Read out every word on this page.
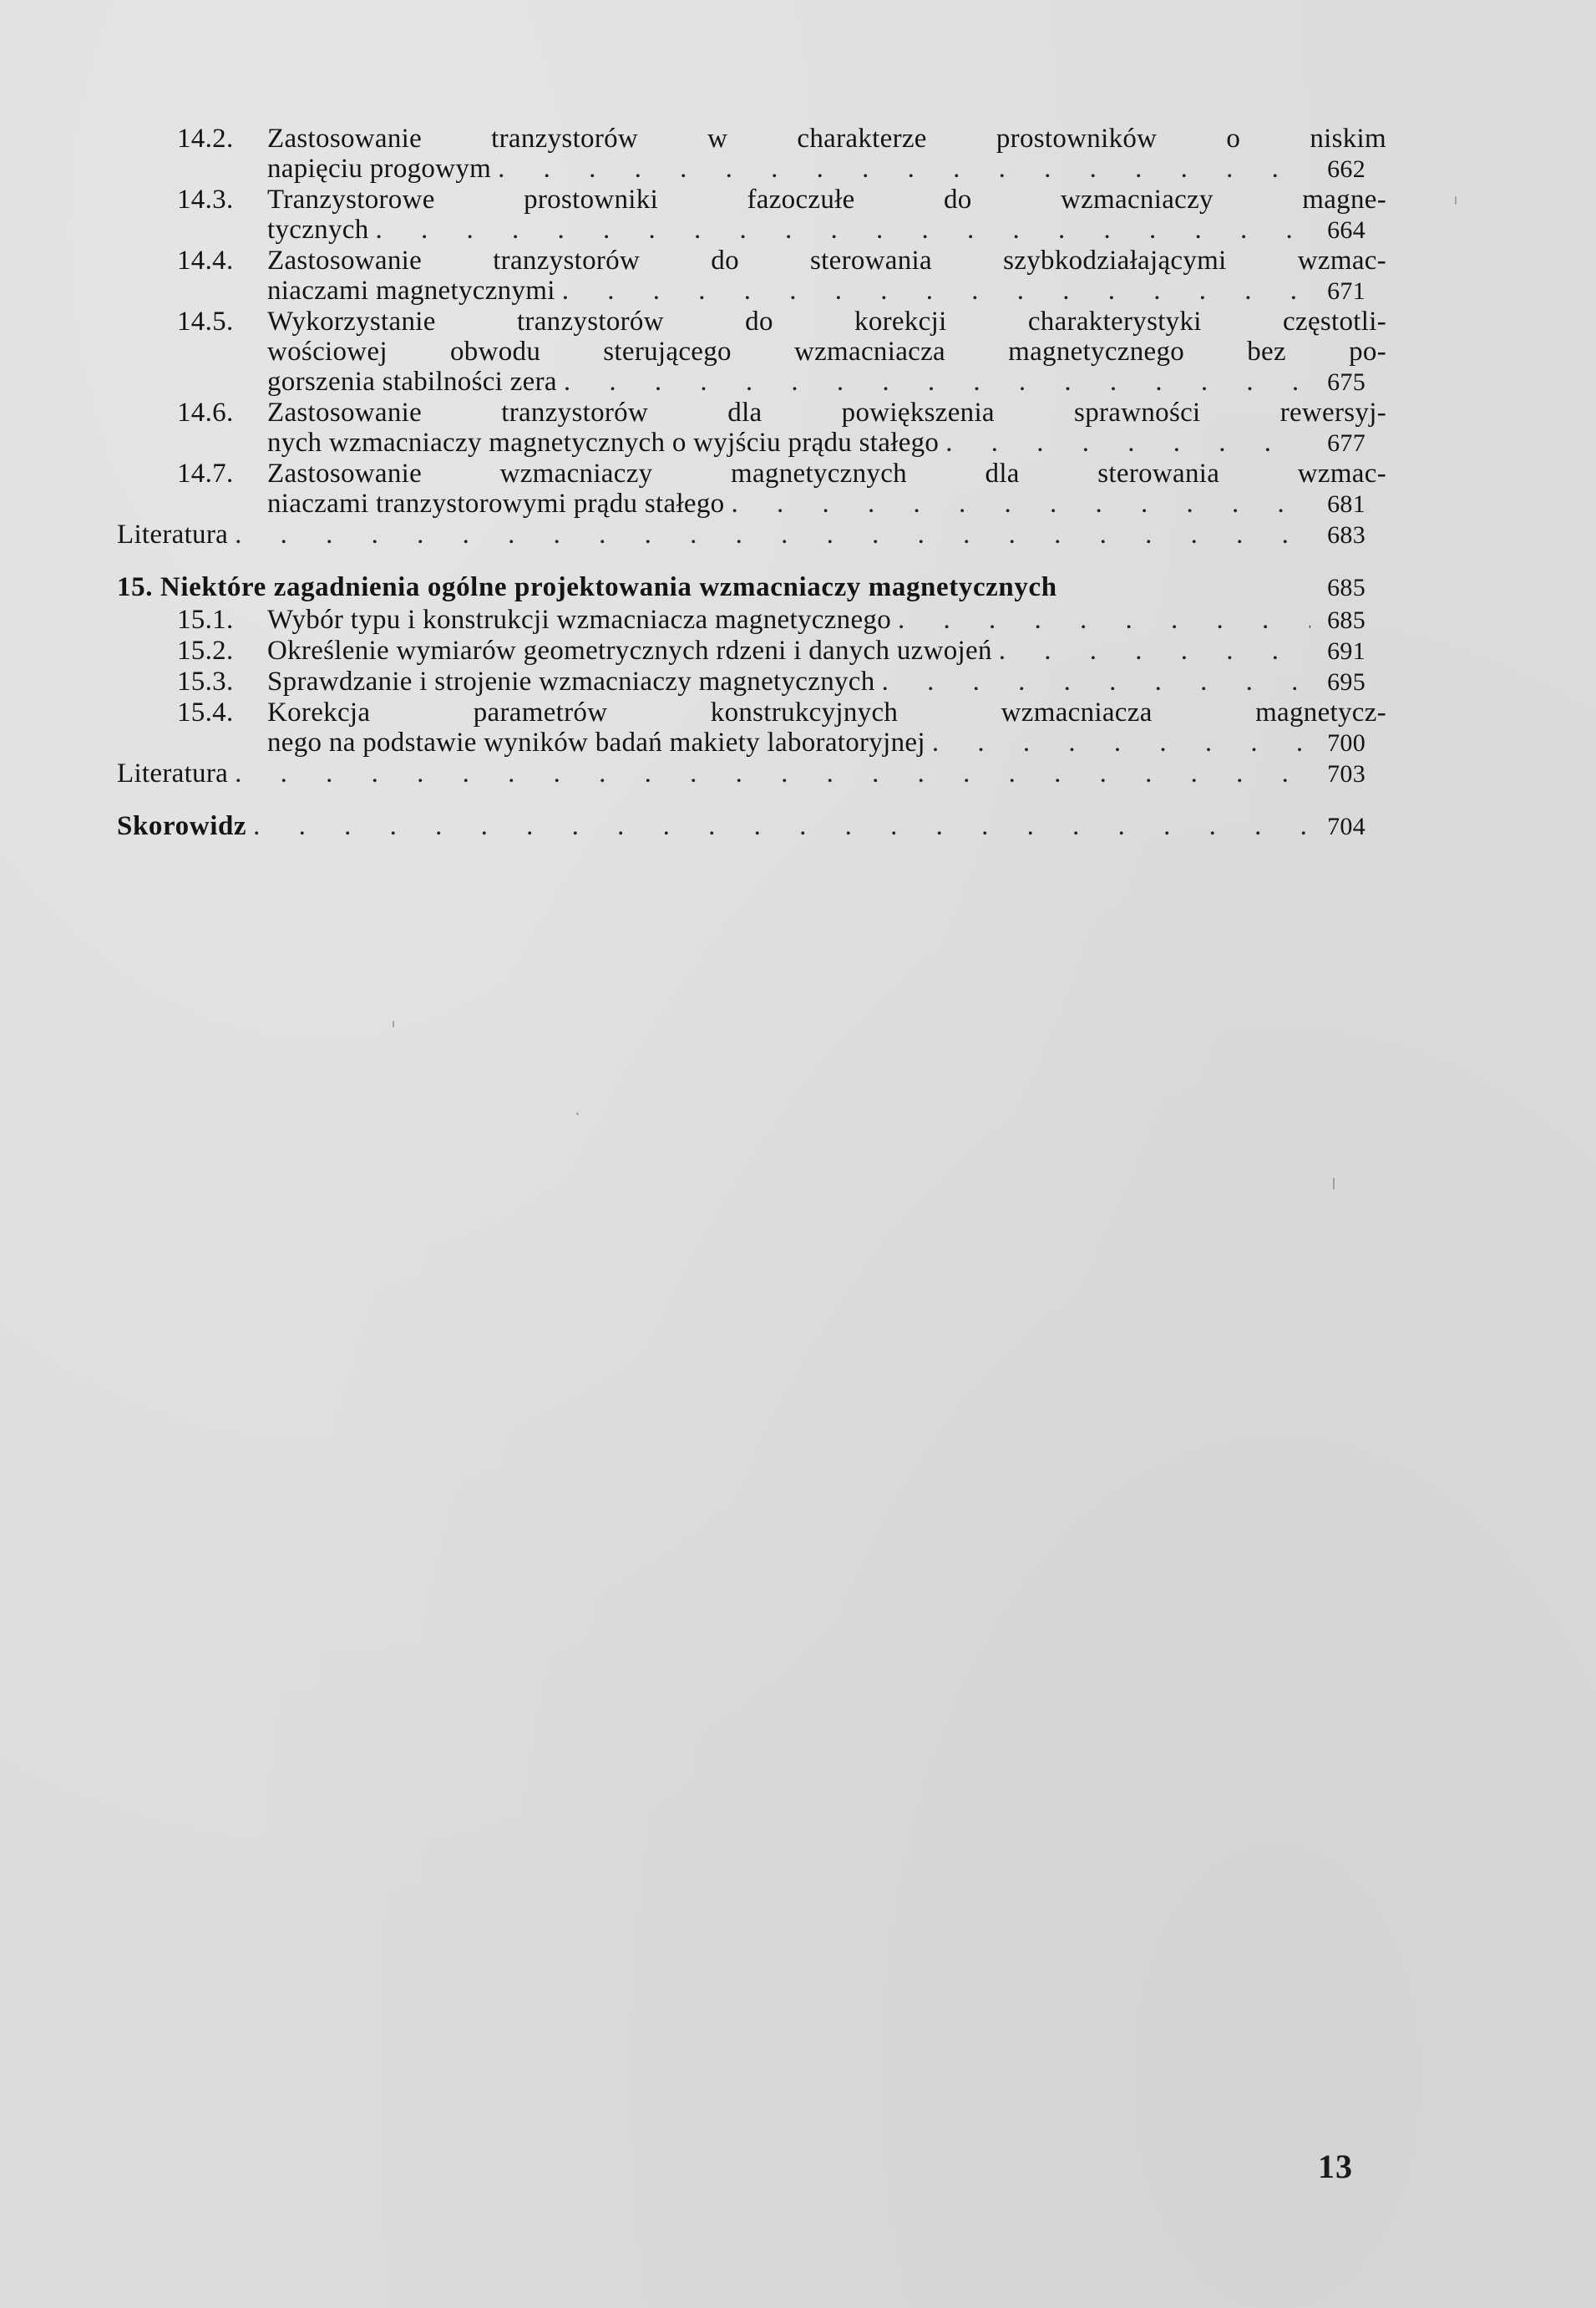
14.2.	Zastosowanie tranzystorów w charakterze prostowników o niskim
napięciu progowym . . .	662
14.3.	Tranzystorowe prostowniki fazoczułe do wzmacniaczy magne-
tycznych . . .	664
14.4.	Zastosowanie tranzystorów do sterowania szybkodziałającymi wzmac-
niaczami magnetycznymi . . .	671
14.5.	Wykorzystanie tranzystorów do korekcji charakterystyki częstotli-
wościowej obwodu sterującego wzmacniacza magnetycznego bez po-
gorszenia stabilności zera . . .	675
14.6.	Zastosowanie tranzystorów dla powiększenia sprawności rewersyj-
nych wzmacniaczy magnetycznych o wyjściu prądu stałego . . .	677
14.7.	Zastosowanie wzmacniaczy magnetycznych dla sterowania wzmac-
niaczami tranzystorowymi prądu stałego . . .	681
Literatura . . .	683
15. Niektóre zagadnienia ogólne projektowania wzmacniaczy magnetycznych	685
15.1.	Wybór typu i konstrukcji wzmacniacza magnetycznego . . .	685
15.2.	Określenie wymiarów geometrycznych rdzeni i danych uzwojeń . . .	691
15.3.	Sprawdzanie i strojenie wzmacniaczy magnetycznych . . .	695
15.4.	Korekcja parametrów konstrukcyjnych wzmacniacza magnetycz-
nego na podstawie wyników badań makiety laboratoryjnej . . .	700
Literatura . . .	703
Skorowidz . . .	704
13
